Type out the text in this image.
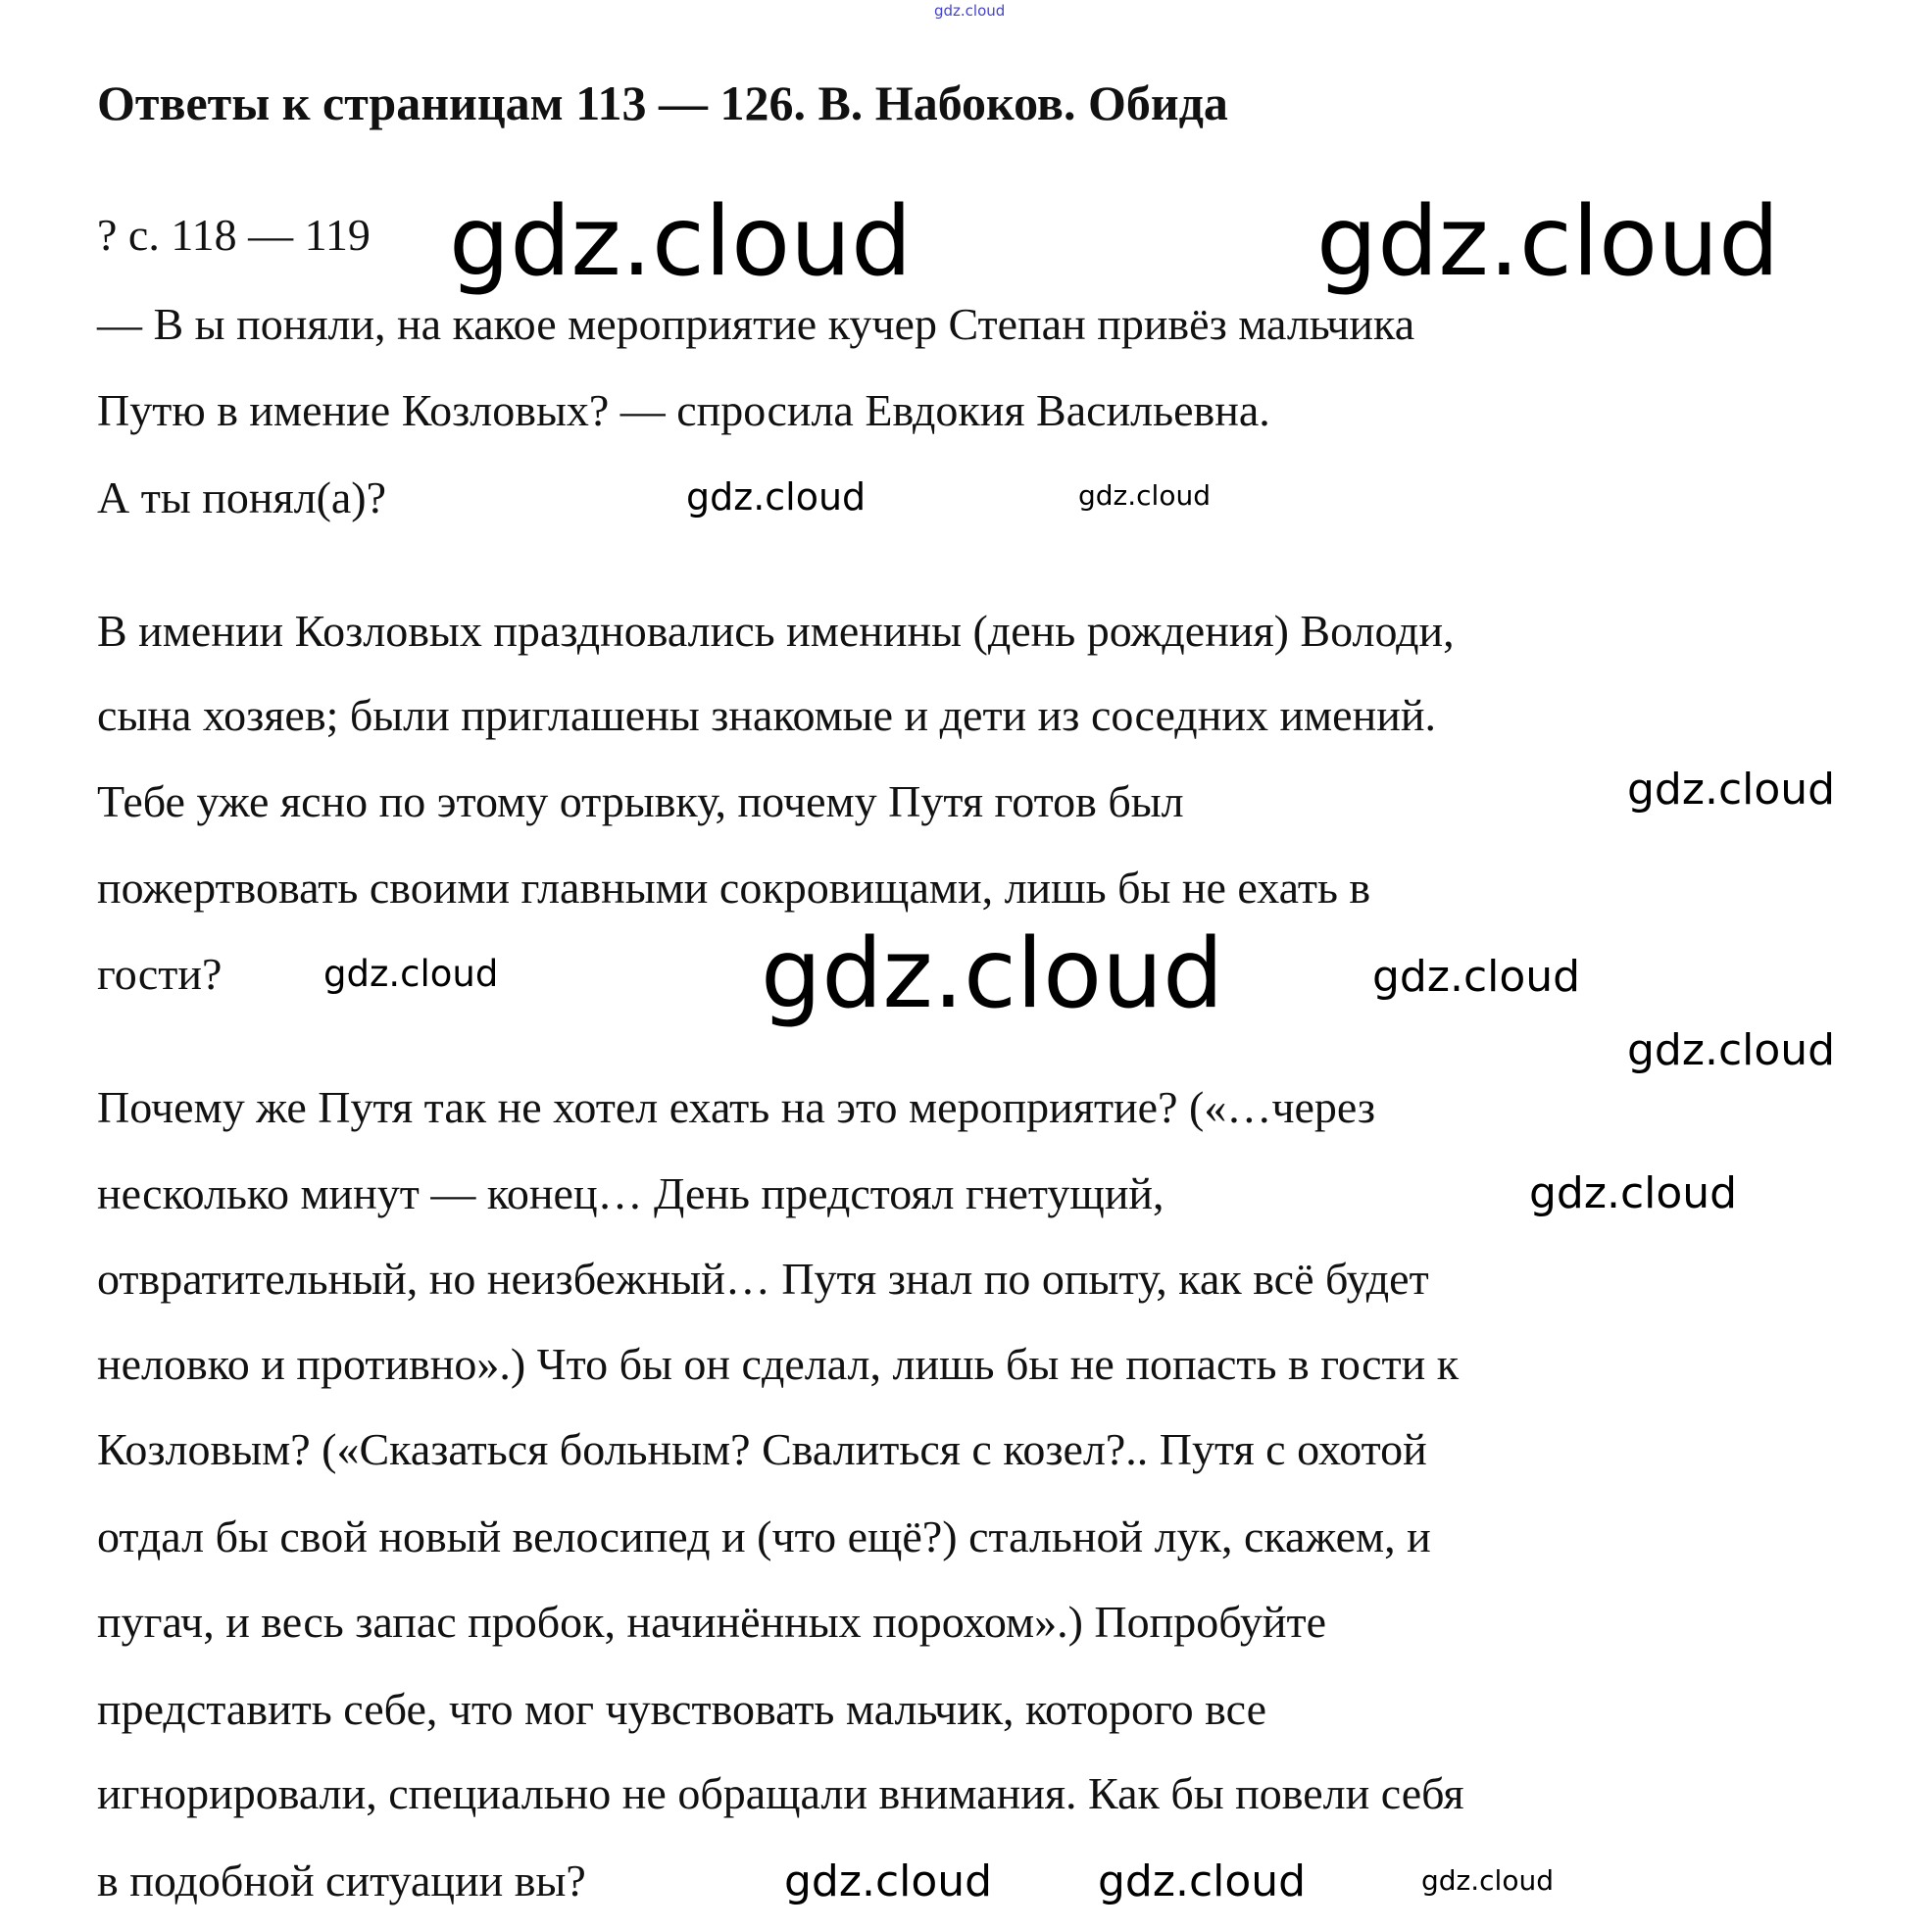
gdz.cloud
Ответы к страницам 113 — 126. В. Набоков. Обида
? с. 118 — 119
— В ы поняли, на какое мероприятие кучер Степан привёз мальчика
Путю в имение Козловых? — спросила Евдокия Васильевна.
А ты понял(а)?
В имении Козловых праздновались именины (день рождения) Володи,
сына хозяев; были приглашены знакомые и дети из соседних имений.
Тебе уже ясно по этому отрывку, почему Путя готов был
пожертвовать своими главными сокровищами, лишь бы не ехать в
гости?
Почему же Путя так не хотел ехать на это мероприятие? («…через
несколько минут — конец… День предстоял гнетущий,
отвратительный, но неизбежный… Путя знал по опыту, как всё будет
неловко и противно».) Что бы он сделал, лишь бы не попасть в гости к
Козловым? («Сказаться больным? Свалиться с козел?.. Путя с охотой
отдал бы свой новый велосипед и (что ещё?) стальной лук, скажем, и
пугач, и весь запас пробок, начинённых порохом».) Попробуйте
представить себе, что мог чувствовать мальчик, которого все
игнорировали, специально не обращали внимания. Как бы повели себя
в подобной ситуации вы?
gdz.cloud	gdz.cloud
gdz.cloud
gdz.cloud	gdz.cloud
gdz.cloud
gdz.cloud
gdz.cloud
gdz.cloud gdz.cloud	gdz.cloud
gdz.cloud
gdz.cloud
